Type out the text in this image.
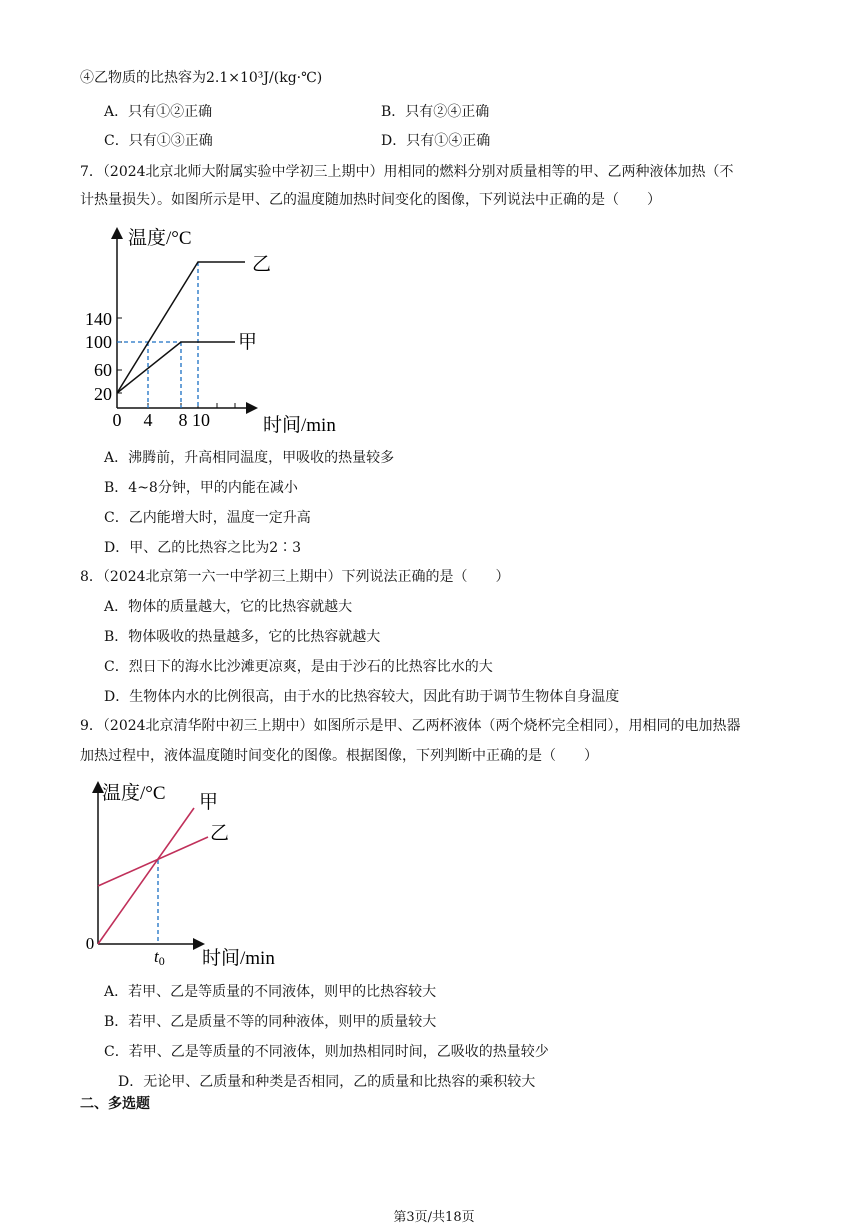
④乙物质的比热容为2.1×10³J/(kg·℃)
A．只有①②正确	B．只有②④正确
C．只有①③正确	D．只有①④正确
7．（2024北京北师大附属实验中学初三上期中）用相同的燃料分别对质量相等的甲、乙两种液体加热（不
计热量损失）。如图所示是甲、乙的温度随加热时间变化的图像，下列说法中正确的是（　　）
温度/°C
时间/min
乙
甲
140
100
60
20
0 4 8 10
A．沸腾前，升高相同温度，甲吸收的热量较多
B．4~8分钟，甲的内能在减小
C．乙内能增大时，温度一定升高
D．甲、乙的比热容之比为2∶3
8．（2024北京第一六一中学初三上期中）下列说法正确的是（　　）
A．物体的质量越大，它的比热容就越大
B．物体吸收的热量越多，它的比热容就越大
C．烈日下的海水比沙滩更凉爽，是由于沙石的比热容比水的大
D．生物体内水的比例很高，由于水的比热容较大，因此有助于调节生物体自身温度
9．（2024北京清华附中初三上期中）如图所示是甲、乙两杯液体（两个烧杯完全相同），用相同的电加热器
加热过程中，液体温度随时间变化的图像。根据图像，下列判断中正确的是（　　）
温度/°C
时间/min
甲
乙
0
t0
A．若甲、乙是等质量的不同液体，则甲的比热容较大
B．若甲、乙是质量不等的同种液体，则甲的质量较大
C．若甲、乙是等质量的不同液体，则加热相同时间，乙吸收的热量较少
D．无论甲、乙质量和种类是否相同，乙的质量和比热容的乘积较大
二、多选题
第3页/共18页
